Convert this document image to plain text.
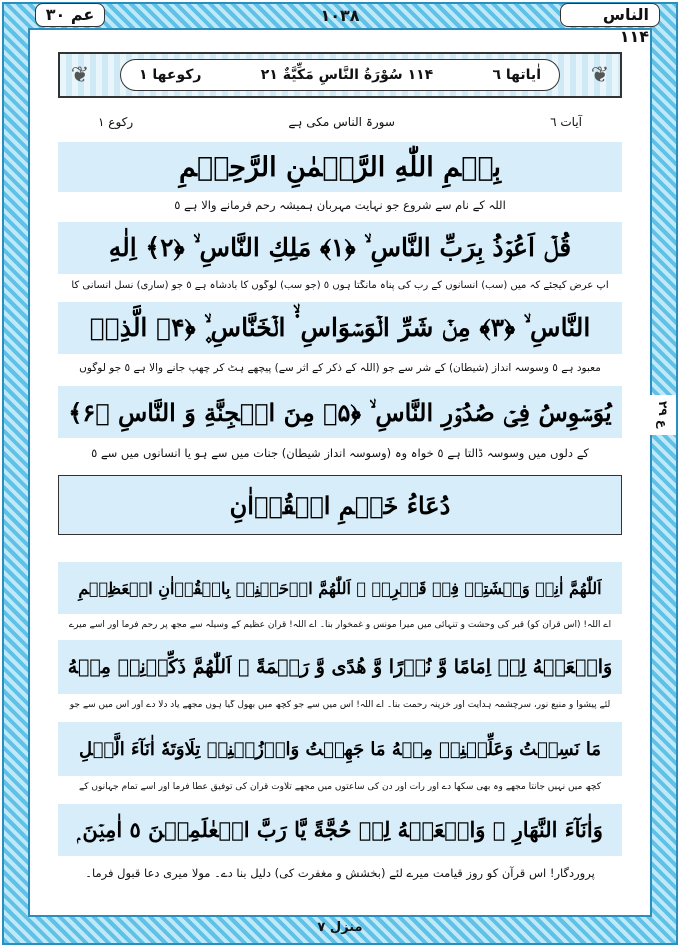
عم ۳۰	۱۰۳۸	الناس ۱۱۴
❦	اٰیاتھا ٦
۱۱۴ سُوْرَةُ النَّاسِ مَكِّيَّةٌ ۲۱
رکوعھا ۱	❦
آیات ٦
سورۃ الناس مکی ہے
رکوع ۱
بِسۡمِ اللّٰهِ الرَّحۡمٰنِ الرَّحِيۡمِ
اللہ کے نام سے شروع جو نہایت مہربان ہمیشہ رحم فرمانے والا ہے ٥
قُلۡ اَعُوۡذُ بِرَبِّ النَّاسِ ۙ ﴿۱﴾ مَلِكِ النَّاسِ ۙ ﴿۲﴾ اِلٰهِ
آپ عرض کیجئے کہ میں (سب) انسانوں کے رب کی پناہ مانگتا ہوں ٥ (جو سب) لوگوں کا بادشاہ ہے ٥ جو (ساری) نسل انسانی کا
النَّاسِ ۙ ﴿۳﴾ مِنۡ شَرِّ الۡوَسۡوَاسِ ۬ۙ الۡخَنَّاسِ ۪ۙ ﴿۴﴾ الَّذِىۡ
معبود ہے ٥ وسوسہ انداز (شیطان) کے شر سے جو (اللہ کے ذکر کے اثر سے) پیچھے ہٹ کر چھپ جانے والا ہے ٥ جو لوگوں
يُوَسۡوِسُ فِىۡ صُدُوۡرِ النَّاسِ ۙ ﴿۵﴾ مِنَ الۡجِنَّةِ وَ النَّاسِ ﴿۶﴾
کے دلوں میں وسوسہ ڈالتا ہے ٥ خواہ وہ (وسوسہ انداز شیطان) جنات میں سے ہو یا انسانوں میں سے ٥
ع ۲۹
دُعَاءُ خَتۡمِ الۡقُرۡاٰنِ
اَللّٰهُمَّ اٰنِسۡ وَحۡشَتِىۡ فِىۡ قَبۡرِىۡ ۭ اَللّٰهُمَّ ارۡحَمۡنِىۡ بِالۡقُرۡاٰنِ الۡعَظِيۡمِ
اے اللہ! (اس قرآن کو) قبر کی وحشت و تنہائی میں میرا مونس و غمخوار بنا۔ اے اللہ! قرآن عظیم کے وسیلہ سے مجھ پر رحم فرما اور اسے میرے
وَاجۡعَلۡهُ لِىۡ اِمَامًا وَّ نُوۡرًا وَّ هُدًى وَّ رَحۡمَةً ۭ اَللّٰهُمَّ ذَكِّرۡنِىۡ مِنۡهُ
لئے پیشوا و منبع نور، سرچشمہ ہدایت اور خزینہ رحمت بنا۔ اے اللہ! اس میں سے جو کچھ میں بھول گیا ہوں مجھے یاد دلا دے اور اس میں سے جو
مَا نَسِيۡتُ وَعَلِّمۡنِىۡ مِنۡهُ مَا جَهِلۡتُ وَارۡزُقۡنِىۡ تِلَاوَتَهٗ اٰنَآءَ الَّيۡلِ
کچھ میں نہیں جانتا مجھے وہ بھی سکھا دے اور رات اور دن کی ساعتوں میں مجھے تلاوت قرآن کی توفیق عطا فرما اور اسے تمام جہانوں کے
وَاٰنَآءَ النَّهَارِ ۭ وَاجۡعَلۡهُ لِىۡ حُجَّةً يَّا رَبَّ الۡعٰلَمِيۡنَ ٥ اٰمِيۡنَ ۭ
پروردگار! اس قرآن کو روز قیامت میرے لئے (بخشش و مغفرت کی) دلیل بنا دے۔ مولا میری دعا قبول فرما۔
منزل ۷
